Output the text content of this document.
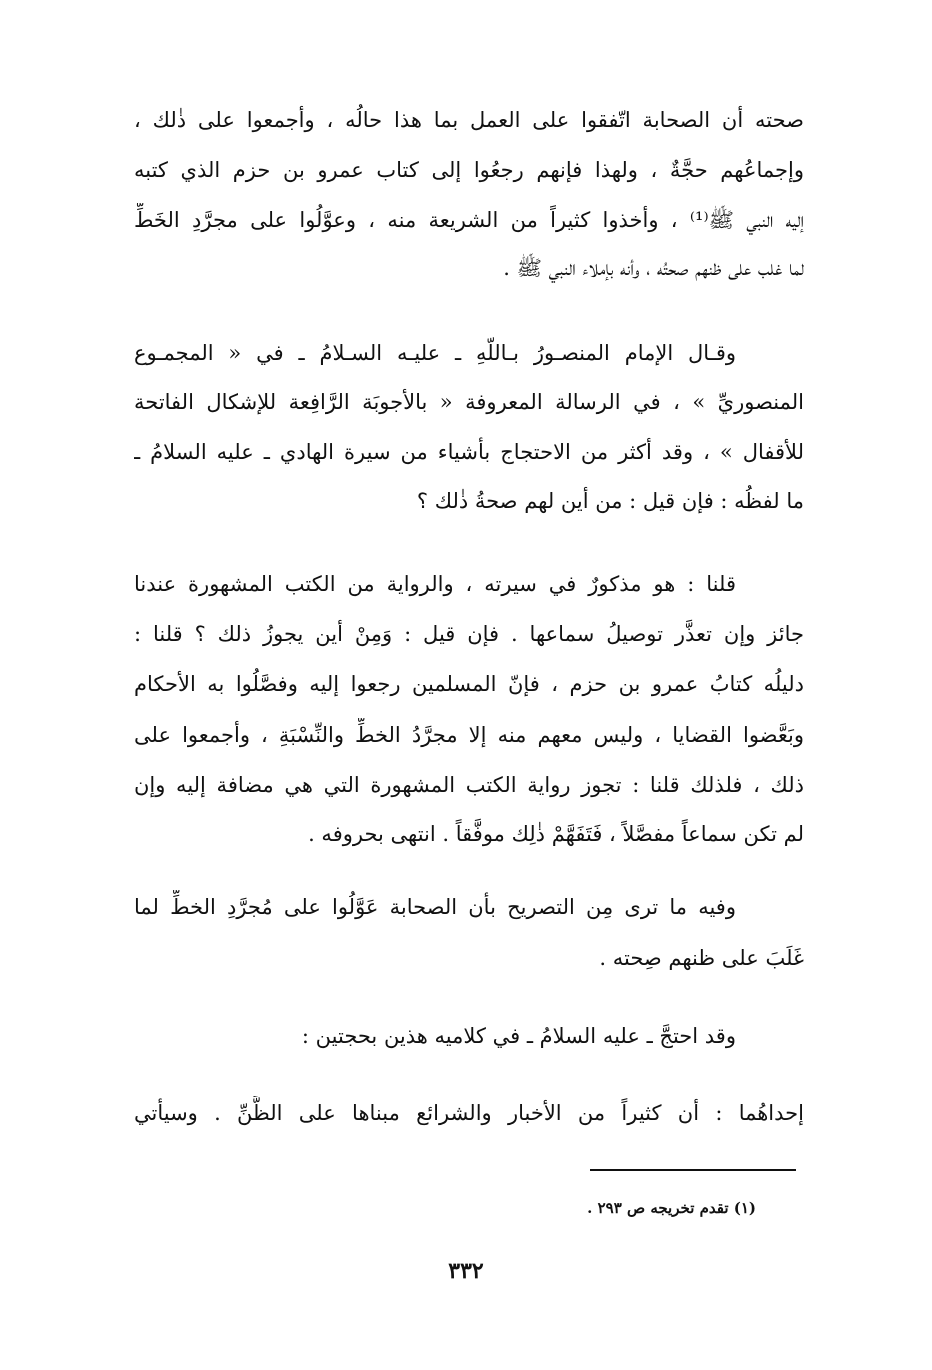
صحته أن الصحابة اتّفقوا على العمل بما هذا حالُه ، وأجمعوا على ذٰلك ،
وإجماعُهم حجَّةٌ ، ولهذا فإنهم رجعُوا إلى كتاب عمرو بن حزم الذي كتبه
إليه النبي ﷺ⁽¹⁾ ، وأخذوا كثيراً من الشريعة منه ، وعوَّلُوا على مجرَّدِ الخَطِّ
لما غلب على ظنهم صحتُه ، وأنه بإملاء النبي ﷺ .
وقـال الإمام المنصـورُ بـاللّهِ ـ عليـه السـلامُ ـ في « المجمـوع
المنصوريِّ » ، في الرسالة المعروفة « بالأجوبَة الرَّافِعة للإشكال الفاتحة
للأقفال » ، وقد أكثر من الاحتجاج بأشياء من سيرة الهادي ـ عليه السلامُ ـ
ما لفظُه : فإن قيل : من أين لهم صحةُ ذٰلك ؟
قلنا : هو مذكورٌ في سيرته ، والرواية من الكتب المشهورة عندنا
جائز وإن تعذَّر توصيلُ سماعها . فإن قيل : وَمِنْ أين يجوزُ ذلك ؟ قلنا :
دليلُه كتابُ عمرو بن حزم ، فإنّ المسلمين رجعوا إليه وفصَّلُوا به الأحكام
وبَعَّضوا القضايا ، وليس معهم منه إلا مجرَّدُ الخطِّ والنِّسْبَةِ ، وأجمعوا على
ذلك ، فلذلك قلنا : تجوز رواية الكتب المشهورة التي هي مضافة إليه وإن
لم تكن سماعاً مفصَّلاً ، فَتَفَهَّمْ ذٰلِك موفَّقاً . انتهى بحروفه .
وفيه ما ترى مِن التصريح بأن الصحابة عَوَّلُوا على مُجرَّدِ الخطِّ لما
غَلَبَ على ظنهم صِحته .
وقد احتجَّ ـ عليه السلامُ ـ في كلاميه هذين بحجتين :
إحداهُما : أن كثيراً من الأخبار والشرائع مبناها على الظَّنِّ . وسيأتي
(١) تقدم تخريجه ص ٢٩٣ .
٣٣٢
